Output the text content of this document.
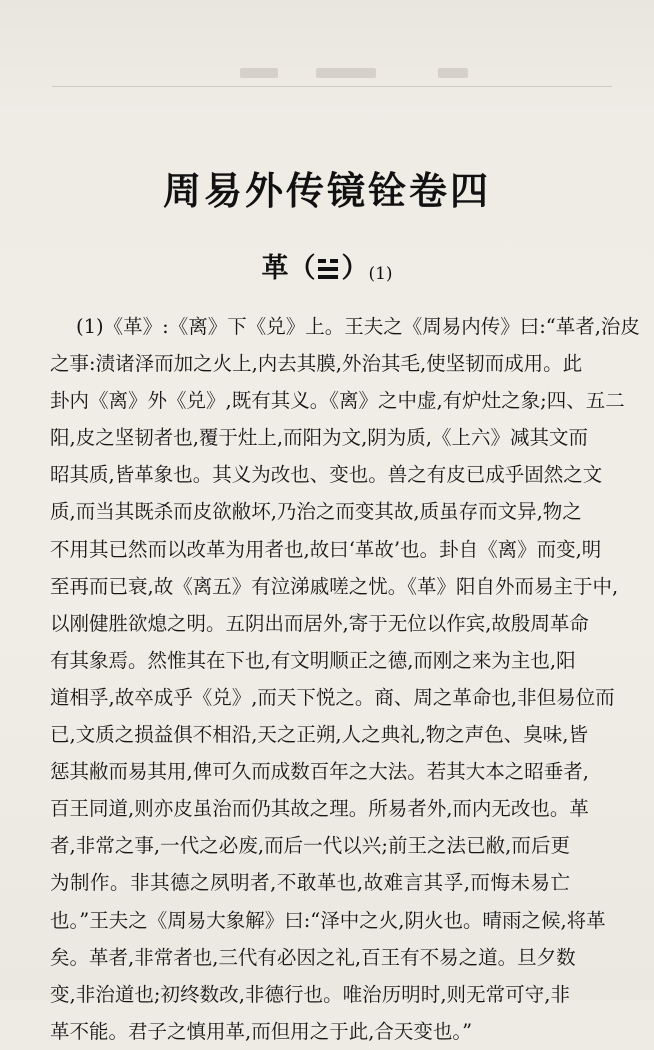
周易外传镜铨卷四
革（ ）(1)
(1)《革》:《离》下《兑》上。王夫之《周易内传》曰:“革者,治皮
之事:渍诸泽而加之火上,内去其膜,外治其毛,使坚韧而成用。此
卦内《离》外《兑》,既有其义。《离》之中虚,有炉灶之象;四、五二
阳,皮之坚韧者也,覆于灶上,而阳为文,阴为质,《上六》减其文而
昭其质,皆革象也。其义为改也、变也。兽之有皮已成乎固然之文
质,而当其既杀而皮欲敝坏,乃治之而变其故,质虽存而文异,物之
不用其已然而以改革为用者也,故曰‘革故’也。卦自《离》而变,明
至再而已衰,故《离五》有泣涕戚嗟之忧。《革》阳自外而易主于中,
以刚健胜欲熄之明。五阴出而居外,寄于无位以作宾,故殷周革命
有其象焉。然惟其在下也,有文明顺正之德,而刚之来为主也,阳
道相孚,故卒成乎《兑》,而天下悦之。商、周之革命也,非但易位而
已,文质之损益俱不相沿,天之正朔,人之典礼,物之声色、臭味,皆
惩其敝而易其用,俾可久而成数百年之大法。若其大本之昭垂者,
百王同道,则亦皮虽治而仍其故之理。所易者外,而内无改也。革
者,非常之事,一代之必废,而后一代以兴;前王之法已敝,而后更
为制作。非其德之夙明者,不敢革也,故难言其孚,而悔未易亡
也。”王夫之《周易大象解》曰:“泽中之火,阴火也。晴雨之候,将革
矣。革者,非常者也,三代有必因之礼,百王有不易之道。旦夕数
变,非治道也;初终数改,非德行也。唯治历明时,则无常可守,非
革不能。君子之慎用革,而但用之于此,合天变也。”
